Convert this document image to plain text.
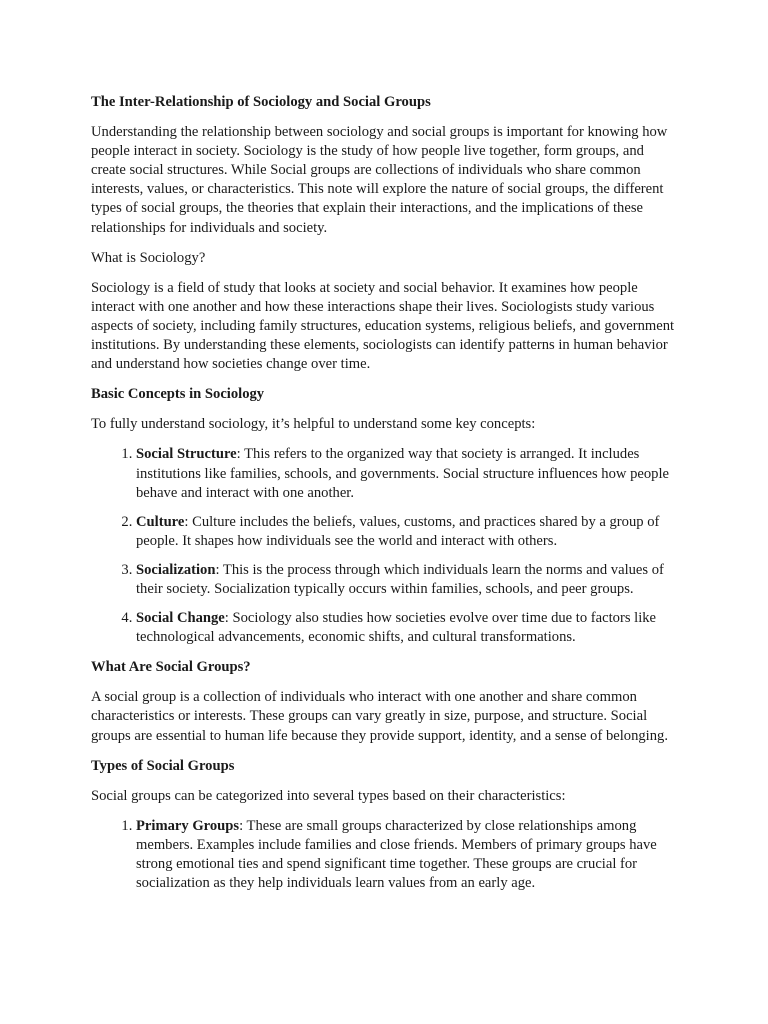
The Inter-Relationship of Sociology and Social Groups

Understanding the relationship between sociology and social groups is important for knowing how people interact in society. Sociology is the study of how people live together, form groups, and create social structures. While Social groups are collections of individuals who share common interests, values, or characteristics. This note will explore the nature of social groups, the different types of social groups, the theories that explain their interactions, and the implications of these relationships for individuals and society.

What is Sociology?

Sociology is a field of study that looks at society and social behavior. It examines how people interact with one another and how these interactions shape their lives. Sociologists study various aspects of society, including family structures, education systems, religious beliefs, and government institutions. By understanding these elements, sociologists can identify patterns in human behavior and understand how societies change over time.

Basic Concepts in Sociology

To fully understand sociology, it’s helpful to understand some key concepts:

1. Social Structure: This refers to the organized way that society is arranged. It includes institutions like families, schools, and governments. Social structure influences how people behave and interact with one another.
2. Culture: Culture includes the beliefs, values, customs, and practices shared by a group of people. It shapes how individuals see the world and interact with others.
3. Socialization: This is the process through which individuals learn the norms and values of their society. Socialization typically occurs within families, schools, and peer groups.
4. Social Change: Sociology also studies how societies evolve over time due to factors like technological advancements, economic shifts, and cultural transformations.
What Are Social Groups?

A social group is a collection of individuals who interact with one another and share common characteristics or interests. These groups can vary greatly in size, purpose, and structure. Social groups are essential to human life because they provide support, identity, and a sense of belonging.

Types of Social Groups

Social groups can be categorized into several types based on their characteristics:

1. Primary Groups: These are small groups characterized by close relationships among members. Examples include families and close friends. Members of primary groups have strong emotional ties and spend significant time together. These groups are crucial for socialization as they help individuals learn values from an early age.
